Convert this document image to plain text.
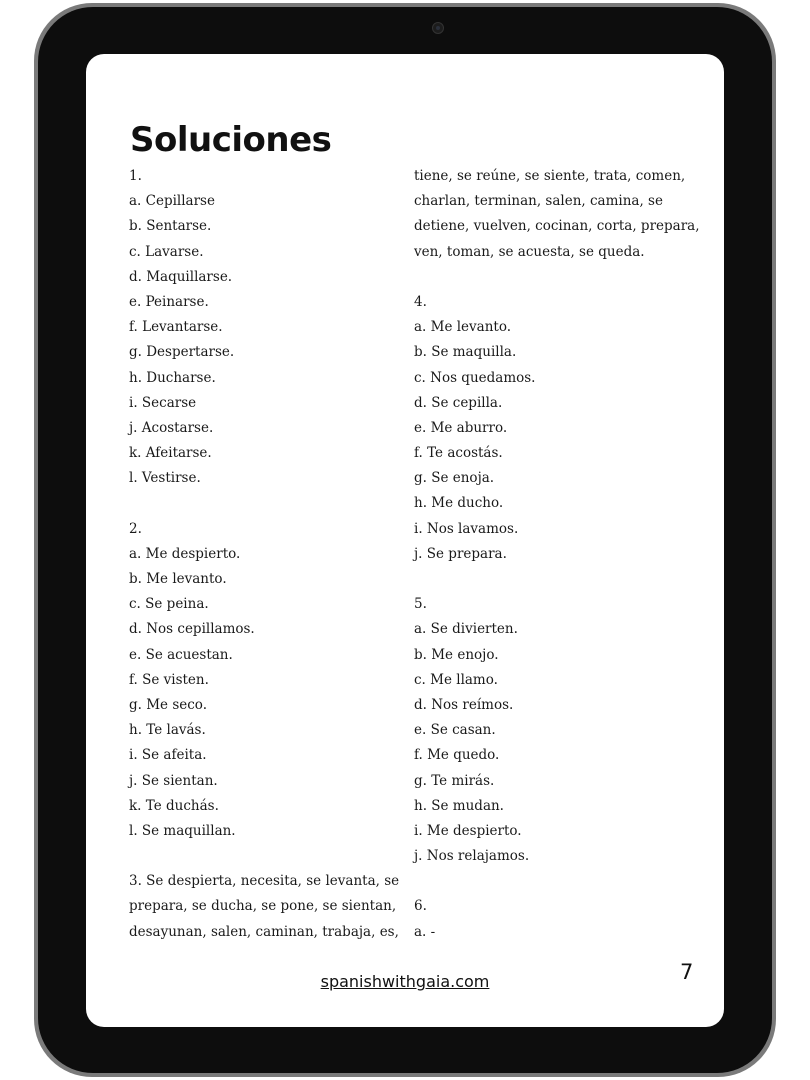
Soluciones
1.
a. Cepillarse
b. Sentarse.
c. Lavarse.
d. Maquillarse.
e. Peinarse.
f. Levantarse.
g. Despertarse.
h. Ducharse.
i. Secarse
j. Acostarse.
k. Afeitarse.
l. Vestirse.
2.
a. Me despierto.
b. Me levanto.
c. Se peina.
d. Nos cepillamos.
e. Se acuestan.
f. Se visten.
g. Me seco.
h. Te lavás.
i. Se afeita.
j. Se sientan.
k. Te duchás.
l. Se maquillan.
3. Se despierta, necesita, se levanta, se
prepara, se ducha, se pone, se sientan,
desayunan, salen, caminan, trabaja, es,
tiene, se reúne, se siente, trata, comen,
charlan, terminan, salen, camina, se
detiene, vuelven, cocinan, corta, prepara,
ven, toman, se acuesta, se queda.
4.
a. Me levanto.
b. Se maquilla.
c. Nos quedamos.
d. Se cepilla.
e. Me aburro.
f. Te acostás.
g. Se enoja.
h. Me ducho.
i. Nos lavamos.
j. Se prepara.
5.
a. Se divierten.
b. Me enojo.
c. Me llamo.
d. Nos reímos.
e. Se casan.
f. Me quedo.
g. Te mirás.
h. Se mudan.
i. Me despierto.
j. Nos relajamos.
6.
a. -
spanishwithgaia.com	7
